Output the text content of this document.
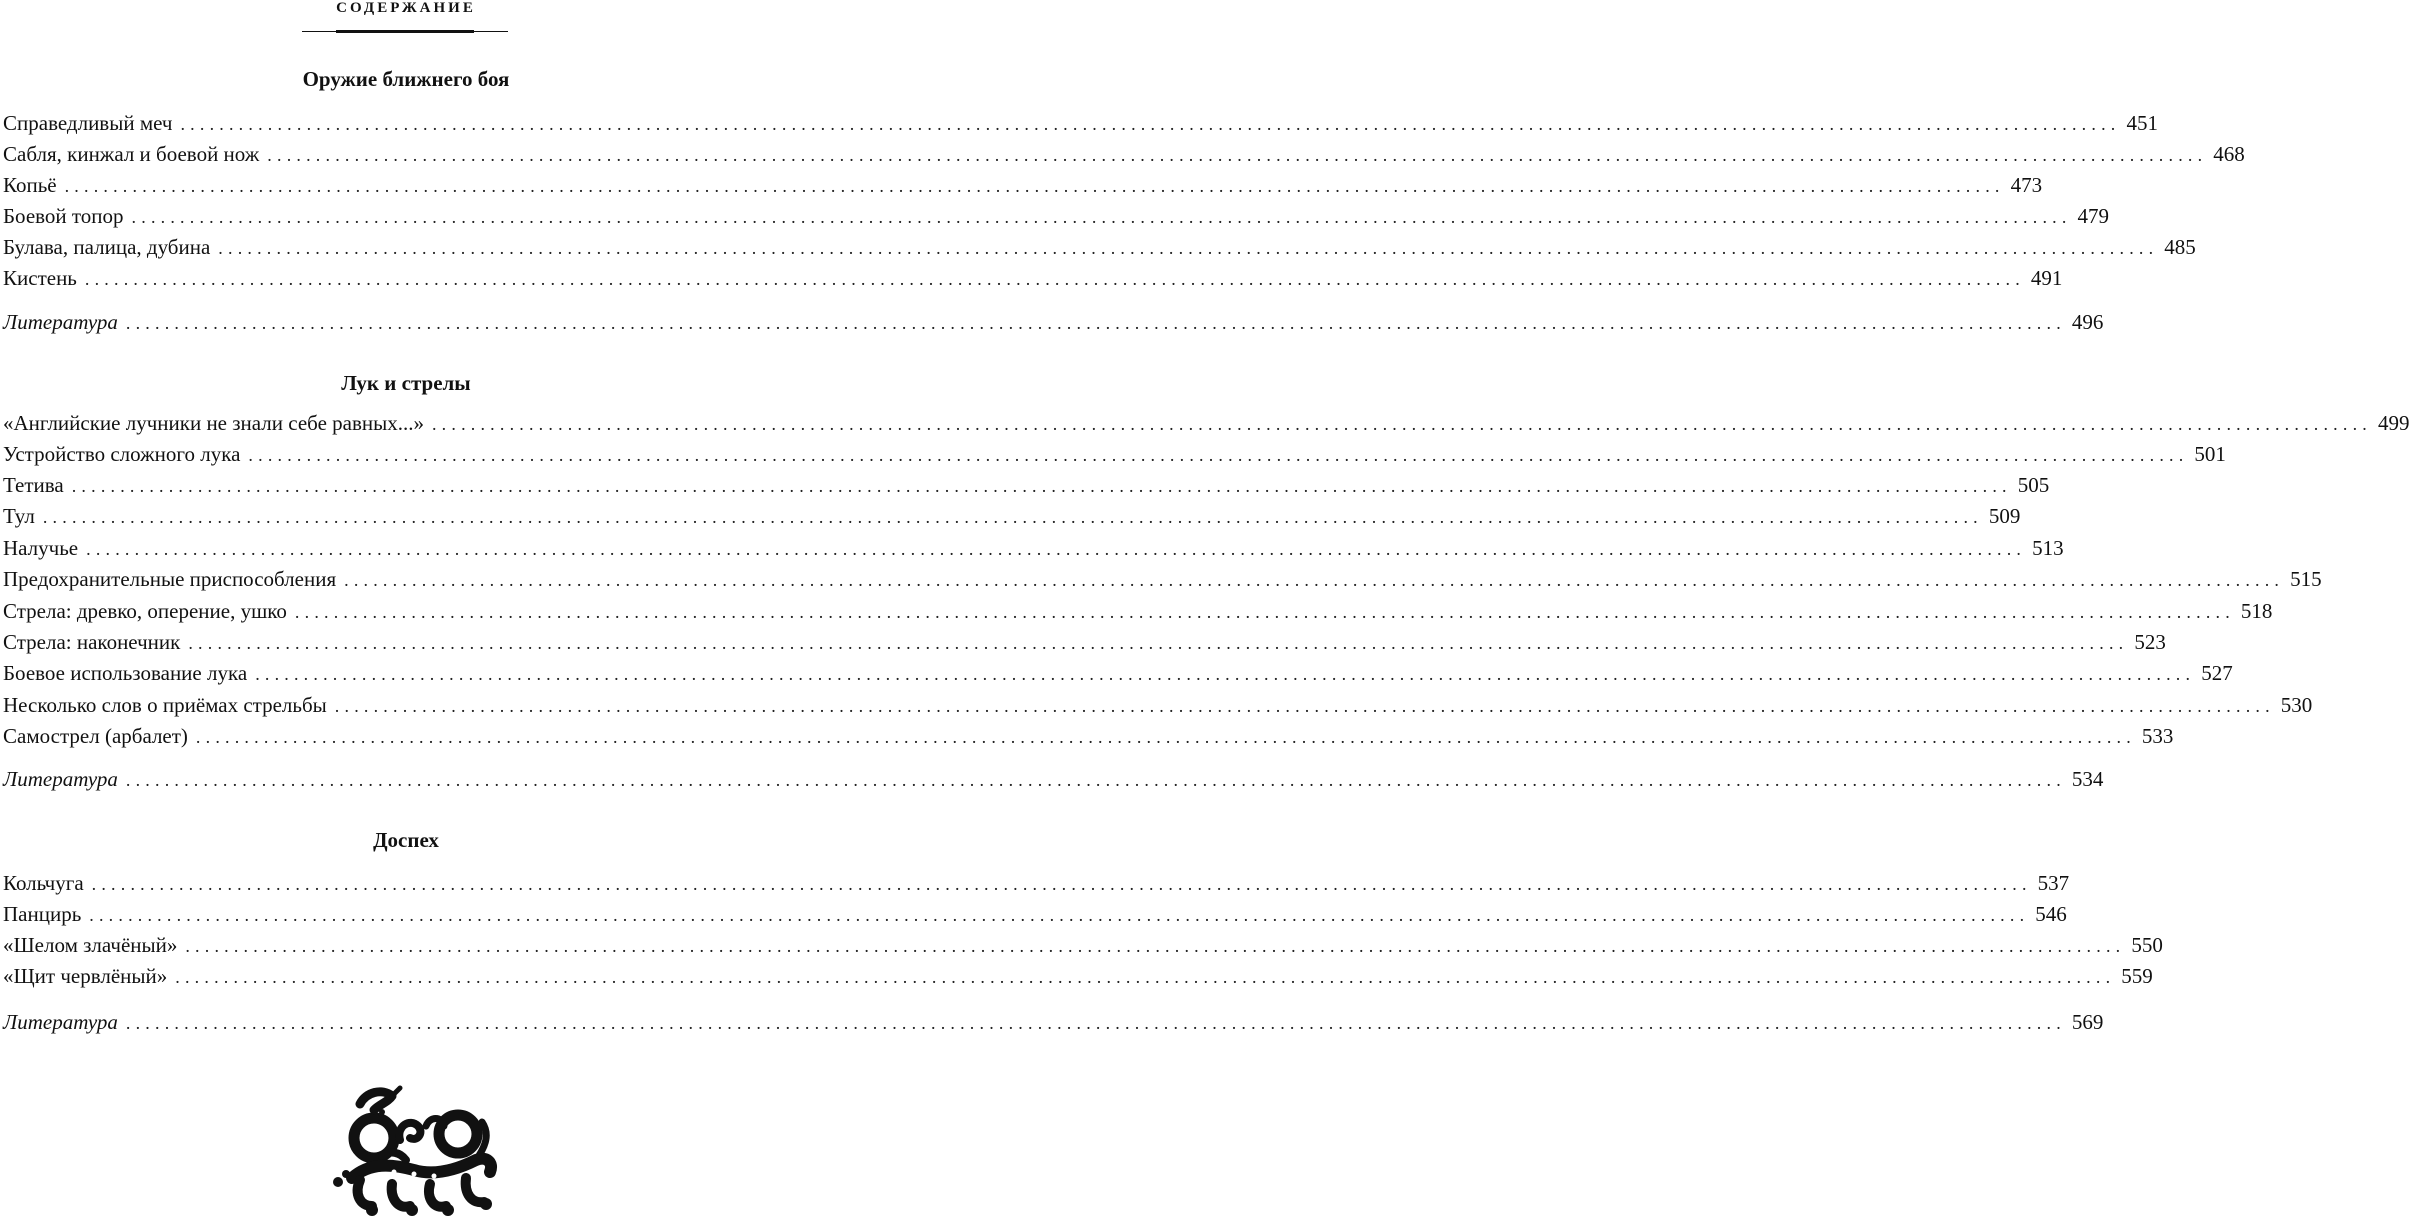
СОДЕРЖАНИЕ
Оружие ближнего боя
Справедливый меч ........................................................................................................................................................................................................ 451
Сабля, кинжал и боевой нож ........................................................................................................................................................................................................ 468
Копьё ........................................................................................................................................................................................................ 473
Боевой топор ........................................................................................................................................................................................................ 479
Булава, палица, дубина ........................................................................................................................................................................................................ 485
Кистень ........................................................................................................................................................................................................ 491
Литература ........................................................................................................................................................................................................ 496
Лук и стрелы
«Английские лучники не знали себе равных...» ........................................................................................................................................................................................................ 499
Устройство сложного лука ........................................................................................................................................................................................................ 501
Тетива ........................................................................................................................................................................................................ 505
Тул ........................................................................................................................................................................................................ 509
Налучье ........................................................................................................................................................................................................ 513
Предохранительные приспособления ........................................................................................................................................................................................................ 515
Стрела: древко, оперение, ушко ........................................................................................................................................................................................................ 518
Стрела: наконечник ........................................................................................................................................................................................................ 523
Боевое использование лука ........................................................................................................................................................................................................ 527
Несколько слов о приёмах стрельбы ........................................................................................................................................................................................................ 530
Самострел (арбалет) ........................................................................................................................................................................................................ 533
Литература ........................................................................................................................................................................................................ 534
Доспех
Кольчуга ........................................................................................................................................................................................................ 537
Панцирь ........................................................................................................................................................................................................ 546
«Шелом злачёный» ........................................................................................................................................................................................................ 550
«Щит червлёный» ........................................................................................................................................................................................................ 559
Литература ........................................................................................................................................................................................................ 569
